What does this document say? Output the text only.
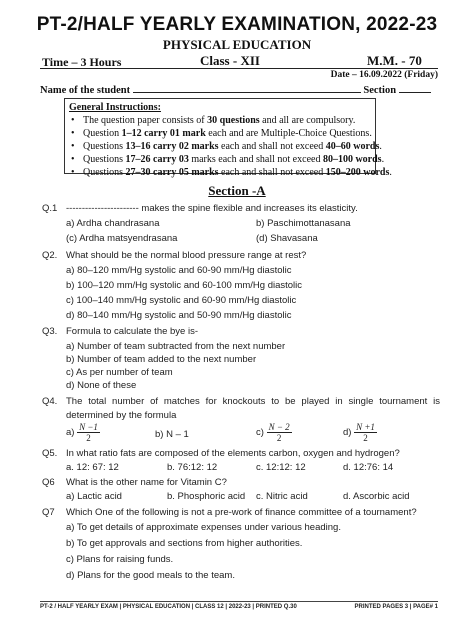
PT-2/HALF YEARLY EXAMINATION, 2022-23
PHYSICAL EDUCATION
Time – 3 Hours	Class - XII	M.M. - 70
Date – 16.09.2022 (Friday)
Name of the student	Section
General Instructions:
• The question paper consists of 30 questions and all are compulsory.
• Question 1–12 carry 01 mark each and are Multiple-Choice Questions.
• Questions 13–16 carry 02 marks each and shall not exceed 40–60 words.
• Questions 17–26 carry 03 marks each and shall not exceed 80–100 words.
• Questions 27–30 carry 05 marks each and shall not exceed 150–200 words.
Section -A
Q.1 ----------------------- makes the spine flexible and increases its elasticity.
a) Ardha chandrasana	b) Paschimottanasana
(c) Ardha matsyendrasana	(d) Shavasana
Q2. What should be the normal blood pressure range at rest?
a) 80–120 mm/Hg systolic and 60-90 mm/Hg diastolic
b) 100–120 mm/Hg systolic and 60-100 mm/Hg diastolic
c) 100–140 mm/Hg systolic and 60-90 mm/Hg diastolic
d) 80–140 mm/Hg systolic and 50-90 mm/Hg diastolic
Q3. Formula to calculate the bye is-
a) Number of team subtracted from the next number
b) Number of team added to the next number
c) As per number of team
d) None of these
Q4. The total number of matches for knockouts to be played in single tournament is
determined by the formula
$a) \frac{N -1}{2}$	b) N – 1	$c) \frac{N - 2}{2}$	$d) \frac{N +1}{2}$
Q5. In what ratio fats are composed of the elements carbon, oxygen and hydrogen?
a. 12: 67: 12	b. 76:12: 12	c. 12:12: 12	d. 12:76: 14
Q6 What is the other name for Vitamin C?
a) Lactic acid	b. Phosphoric acid c. Nitric acid	d. Ascorbic acid
Q7 Which One of the following is not a pre-work of finance committee of a tournament?
a) To get details of approximate expenses under various heading.
b) To get approvals and sections from higher authorities.
c) Plans for raising funds.
d) Plans for the good meals to the team.
PT-2 / HALF YEARLY EXAM | PHYSICAL EDUCATION | CLASS 12 | 2022-23 | PRINTED Q.30	PRINTED PAGES 3 | PAGE# 1
